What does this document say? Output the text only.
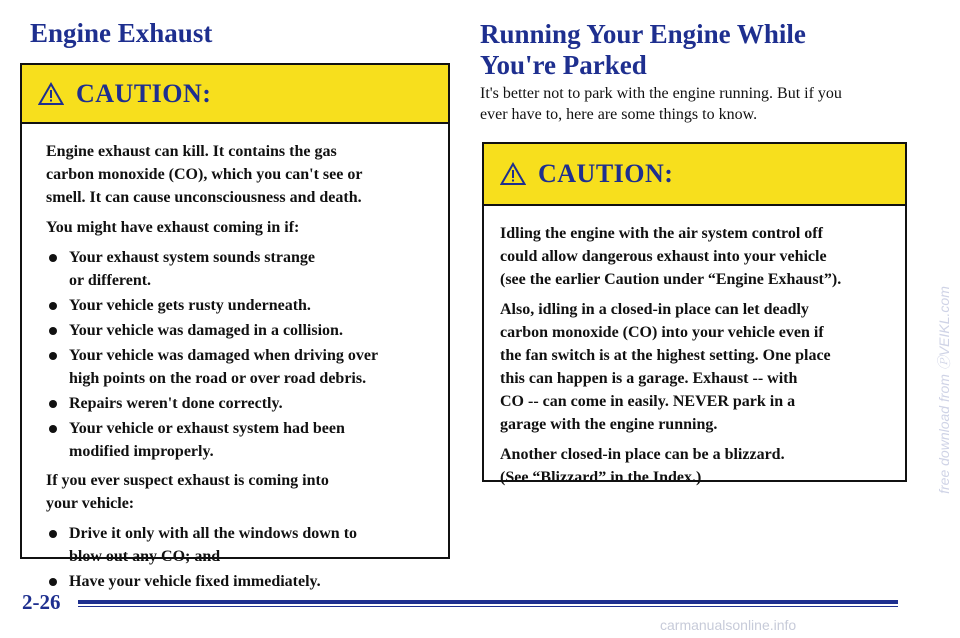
Engine Exhaust
CAUTION:

Engine exhaust can kill. It contains the gas
carbon monoxide (CO), which you can't see or
smell. It can cause unconsciousness and death.

You might have exhaust coming in if:

Your exhaust system sounds strange
or different.
Your vehicle gets rusty underneath.
Your vehicle was damaged in a collision.
Your vehicle was damaged when driving over
high points on the road or over road debris.
Repairs weren't done correctly.
Your vehicle or exhaust system had been
modified improperly.

If you ever suspect exhaust is coming into
your vehicle:

Drive it only with all the windows down to
blow out any CO; and
Have your vehicle fixed immediately.
Running Your Engine While
You're Parked
It's better not to park with the engine running. But if you
ever have to, here are some things to know.
CAUTION:

Idling the engine with the air system control off
could allow dangerous exhaust into your vehicle
(see the earlier Caution under “Engine Exhaust”).

Also, idling in a closed-in place can let deadly
carbon monoxide (CO) into your vehicle even if
the fan switch is at the highest setting. One place
this can happen is a garage. Exhaust -- with
CO -- can come in easily. NEVER park in a
garage with the engine running.

Another closed-in place can be a blizzard.
(See “Blizzard” in the Index.)

2-26
free download from ⓅVEIKL.com
carmanualsonline.info
